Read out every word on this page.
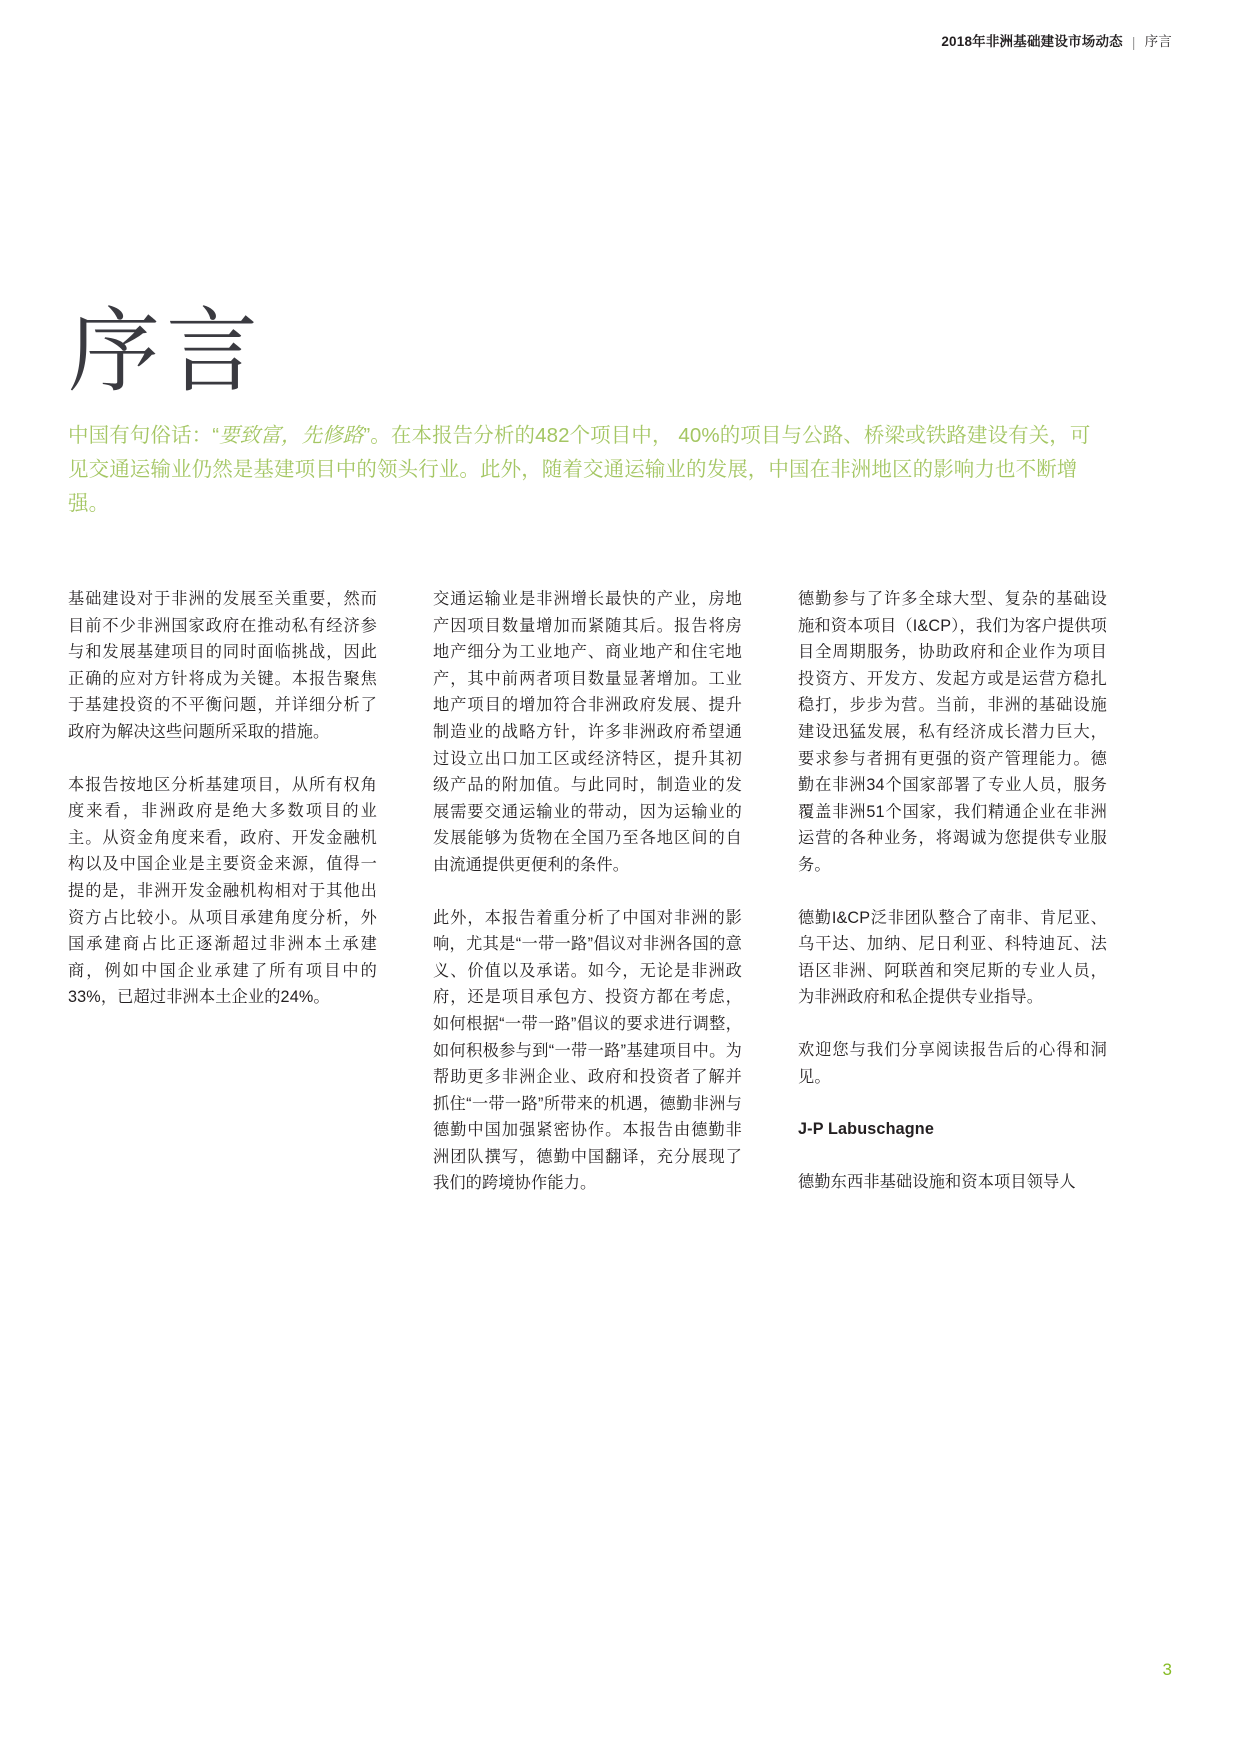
2018年非洲基础建设市场动态 | 序言
序言

中国有句俗话：“要致富，先修路”。在本报告分析的482个项目中， 40%的项目与公路、桥梁或铁路建设有关，可见交通运输业仍然是基建项目中的领头行业。此外，随着交通运输业的发展，中国在非洲地区的影响力也不断增强。

基础建设对于非洲的发展至关重要，然而目前不少非洲国家政府在推动私有经济参与和发展基建项目的同时面临挑战，因此正确的应对方针将成为关键。本报告聚焦于基建投资的不平衡问题，并详细分析了政府为解决这些问题所采取的措施。

本报告按地区分析基建项目，从所有权角度来看，非洲政府是绝大多数项目的业主。从资金角度来看，政府、开发金融机构以及中国企业是主要资金来源，值得一提的是，非洲开发金融机构相对于其他出资方占比较小。从项目承建角度分析，外国承建商占比正逐渐超过非洲本土承建商，例如中国企业承建了所有项目中的33%，已超过非洲本土企业的24%。

交通运输业是非洲增长最快的产业，房地产因项目数量增加而紧随其后。报告将房地产细分为工业地产、商业地产和住宅地产，其中前两者项目数量显著增加。工业地产项目的增加符合非洲政府发展、提升制造业的战略方针，许多非洲政府希望通过设立出口加工区或经济特区，提升其初级产品的附加值。与此同时，制造业的发展需要交通运输业的带动，因为运输业的发展能够为货物在全国乃至各地区间的自由流通提供更便利的条件。

此外，本报告着重分析了中国对非洲的影响，尤其是“一带一路”倡议对非洲各国的意义、价值以及承诺。如今，无论是非洲政府，还是项目承包方、投资方都在考虑，如何根据“一带一路”倡议的要求进行调整，如何积极参与到“一带一路”基建项目中。为帮助更多非洲企业、政府和投资者了解并抓住“一带一路”所带来的机遇，德勤非洲与德勤中国加强紧密协作。本报告由德勤非洲团队撰写，德勤中国翻译，充分展现了我们的跨境协作能力。

德勤参与了许多全球大型、复杂的基础设施和资本项目（I&CP），我们为客户提供项目全周期服务，协助政府和企业作为项目投资方、开发方、发起方或是运营方稳扎稳打，步步为营。当前，非洲的基础设施建设迅猛发展，私有经济成长潜力巨大，要求参与者拥有更强的资产管理能力。德勤在非洲34个国家部署了专业人员，服务覆盖非洲51个国家，我们精通企业在非洲运营的各种业务，将竭诚为您提供专业服务。

德勤I&CP泛非团队整合了南非、肯尼亚、乌干达、加纳、尼日利亚、科特迪瓦、法语区非洲、阿联酋和突尼斯的专业人员，为非洲政府和私企提供专业指导。

欢迎您与我们分享阅读报告后的心得和洞见。

J-P Labuschagne

德勤东西非基础设施和资本项目领导人

3
